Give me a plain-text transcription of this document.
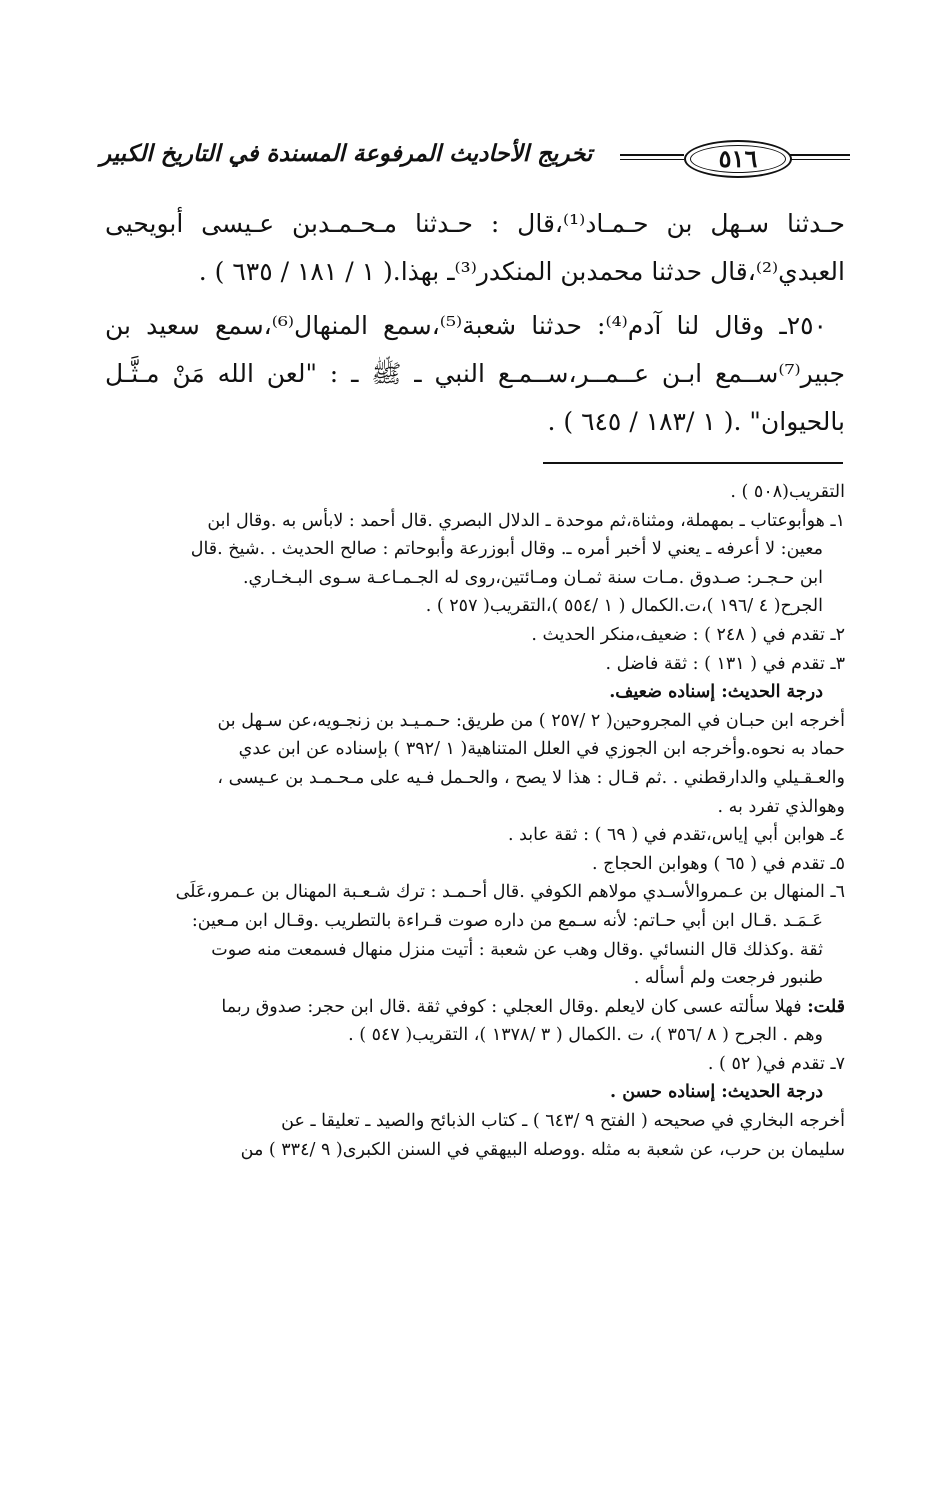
٥١٦
تخريج الأحاديث المرفوعة المسندة في التاريخ الكبير

حـدثنا سـهل بن حـمـاد⁽¹⁾،قال : حـدثنا مـحـمـدبن عـيسى أبويحيى العبدي⁽²⁾،قال حدثنا محمدبن المنكدر⁽³⁾ـ بهذا.( ١ / ١٨١ / ٦٣٥ ) .

٢٥٠ـ وقال لنا آدم⁽⁴⁾: حدثنا شعبة⁽⁵⁾،سمع المنهال⁽⁶⁾،سمع سعيد بن جبير⁽⁷⁾ســمع ابـن عــمــر،ســمـع النبي ـ ﷺ ـ : "لعن الله مَنْ مـثَّـل بالحيوان" .( ١ /١٨٣ / ٦٤٥ ) .

التقريب(٥٠٨ ) .

١ـ هوأبوعتاب ـ بمهملة، ومثناة،ثم موحدة ـ الدلال البصري .قال أحمد : لابأس به .وقال ابن

معين: لا أعرفه ـ يعني لا أخبر أمره ـ. وقال أبوزرعة وأبوحاتم : صالح الحديث . .شيخ .قال

ابن حـجـر: صـدوق .مـات سنة ثمـان ومـائتين،روى له الجـمـاعـة سـوى البـخـاري.

الجرح( ٤ /١٩٦ )،ت.الكمال ( ١ /٥٥٤ )،التقريب( ٢٥٧ ) .

٢ـ تقدم في ( ٢٤٨ ) : ضعيف،منكر الحديث .

٣ـ تقدم في ( ١٣١ ) : ثقة فاضل .

درجة الحديث: إسناده ضعيف.

أخرجه ابن حبـان في المجروحين( ٢ /٢٥٧ ) من طريق: حـمـيـد بن زنجـويه،عن سـهل بن

حماد به نحوه.وأخرجه ابن الجوزي في العلل المتناهية( ١ /٣٩٢ ) بإسناده عن ابن عدي

والعـقـيلي والدارقطني . .ثم قـال : هذا لا يصح ، والحـمل فـيه على مـحـمـد بن عـيسى ،

وهوالذي تفرد به .

٤ـ هوابن أبي إياس،تقدم في ( ٦٩ ) : ثقة عابد .

٥ـ تقدم في ( ٦٥ ) وهوابن الحجاج .

٦ـ المنهال بن عـمروالأسـدي مولاهم الكوفي .قال أحـمـد : ترك شـعـبة المهنال بن عـمرو،عَلَى

عَـمَـد .قـال ابن أبي حـاتم: لأنه سـمع من داره صوت قـراءة بالتطريب .وقـال ابن مـعين:

ثقة .وكذلك قال النسائي .وقال وهب عن شعبة : أتيت منزل منهال فسمعت منه صوت

طنبور فرجعت ولم أسأله .

قلت: فهلا سألته عسى كان لايعلم .وقال العجلي : كوفي ثقة .قال ابن حجر: صدوق ربما

وهم . الجرح ( ٨ /٣٥٦ )، ت .الكمال ( ٣ /١٣٧٨ )، التقريب( ٥٤٧ ) .

٧ـ تقدم في( ٥٢ ) .

درجة الحديث: إسناده حسن .

أخرجه البخاري في صحيحه ( الفتح ٩ /٦٤٣ ) ـ كتاب الذبائح والصيد ـ تعليقا ـ عن

سليمان بن حرب، عن شعبة به مثله .ووصله البيهقي في السنن الكبرى( ٩ /٣٣٤ ) من
